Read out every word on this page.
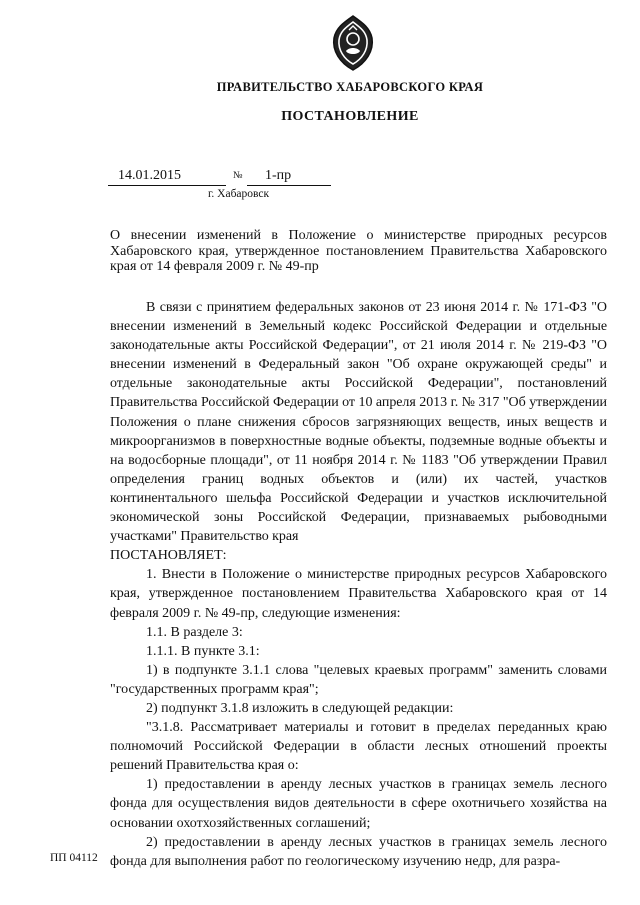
ПРАВИТЕЛЬСТВО ХАБАРОВСКОГО КРАЯ
ПОСТАНОВЛЕНИЕ
14.01.2015	№	1-пр
г. Хабаровск

О внесении изменений в Положение о министерстве природных ресурсов Хабаровского края, утвержденное постановлением Правительства Хабаровского края от 14 февраля 2009 г. № 49-пр

В связи с принятием федеральных законов от 23 июня 2014 г. № 171-ФЗ "О внесении изменений в Земельный кодекс Российской Федерации и отдельные законодательные акты Российской Федерации", от 21 июля 2014 г. № 219-ФЗ "О внесении изменений в Федеральный закон "Об охране окружающей среды" и отдельные законодательные акты Российской Федерации", постановлений Правительства Российской Федерации от 10 апреля 2013 г. № 317 "Об утверждении Положения о плане снижения сбросов загрязняющих веществ, иных веществ и микроорганизмов в поверхностные водные объекты, подземные водные объекты и на водосборные площади", от 11 ноября 2014 г. № 1183 "Об утверждении Правил определения границ водных объектов и (или) их частей, участков континентального шельфа Российской Федерации и участков исключительной экономической зоны Российской Федерации, признаваемых рыбоводными участками" Правительство края

ПОСТАНОВЛЯЕТ:

1. Внести в Положение о министерстве природных ресурсов Хабаровского края, утвержденное постановлением Правительства Хабаровского края от 14 февраля 2009 г. № 49-пр, следующие изменения:

1.1. В разделе 3:

1.1.1. В пункте 3.1:

1) в подпункте 3.1.1 слова "целевых краевых программ" заменить словами "государственных программ края";

2) подпункт 3.1.8 изложить в следующей редакции:

"3.1.8. Рассматривает материалы и готовит в пределах переданных краю полномочий Российской Федерации в области лесных отношений проекты решений Правительства края о:

1) предоставлении в аренду лесных участков в границах земель лесного фонда для осуществления видов деятельности в сфере охотничьего хозяйства на основании охотхозяйственных соглашений;

2) предоставлении в аренду лесных участков в границах земель лесного фонда для выполнения работ по геологическому изучению недр, для разра-

ПП 04112
